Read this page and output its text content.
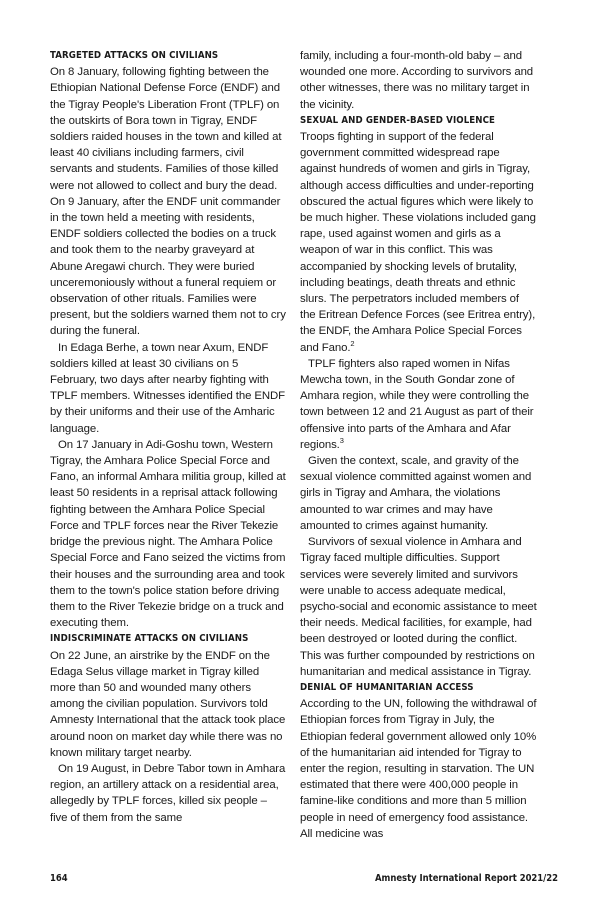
TARGETED ATTACKS ON CIVILIANS

On 8 January, following fighting between the Ethiopian National Defense Force (ENDF) and the Tigray People's Liberation Front (TPLF) on the outskirts of Bora town in Tigray, ENDF soldiers raided houses in the town and killed at least 40 civilians including farmers, civil servants and students. Families of those killed were not allowed to collect and bury the dead. On 9 January, after the ENDF unit commander in the town held a meeting with residents, ENDF soldiers collected the bodies on a truck and took them to the nearby graveyard at Abune Aregawi church. They were buried unceremoniously without a funeral requiem or observation of other rituals. Families were present, but the soldiers warned them not to cry during the funeral.

In Edaga Berhe, a town near Axum, ENDF soldiers killed at least 30 civilians on 5 February, two days after nearby fighting with TPLF members. Witnesses identified the ENDF by their uniforms and their use of the Amharic language.

On 17 January in Adi-Goshu town, Western Tigray, the Amhara Police Special Force and Fano, an informal Amhara militia group, killed at least 50 residents in a reprisal attack following fighting between the Amhara Police Special Force and TPLF forces near the River Tekezie bridge the previous night. The Amhara Police Special Force and Fano seized the victims from their houses and the surrounding area and took them to the town's police station before driving them to the River Tekezie bridge on a truck and executing them.

INDISCRIMINATE ATTACKS ON CIVILIANS

On 22 June, an airstrike by the ENDF on the Edaga Selus village market in Tigray killed more than 50 and wounded many others among the civilian population. Survivors told Amnesty International that the attack took place around noon on market day while there was no known military target nearby.

On 19 August, in Debre Tabor town in Amhara region, an artillery attack on a residential area, allegedly by TPLF forces, killed six people – five of them from the same

family, including a four-month-old baby – and wounded one more. According to survivors and other witnesses, there was no military target in the vicinity.

SEXUAL AND GENDER-BASED VIOLENCE

Troops fighting in support of the federal government committed widespread rape against hundreds of women and girls in Tigray, although access difficulties and under-reporting obscured the actual figures which were likely to be much higher. These violations included gang rape, used against women and girls as a weapon of war in this conflict. This was accompanied by shocking levels of brutality, including beatings, death threats and ethnic slurs. The perpetrators included members of the Eritrean Defence Forces (see Eritrea entry), the ENDF, the Amhara Police Special Forces and Fano.$^2$

TPLF fighters also raped women in Nifas Mewcha town, in the South Gondar zone of Amhara region, while they were controlling the town between 12 and 21 August as part of their offensive into parts of the Amhara and Afar regions.$^3$

Given the context, scale, and gravity of the sexual violence committed against women and girls in Tigray and Amhara, the violations amounted to war crimes and may have amounted to crimes against humanity.

Survivors of sexual violence in Amhara and Tigray faced multiple difficulties. Support services were severely limited and survivors were unable to access adequate medical, psycho-social and economic assistance to meet their needs. Medical facilities, for example, had been destroyed or looted during the conflict. This was further compounded by restrictions on humanitarian and medical assistance in Tigray.

DENIAL OF HUMANITARIAN ACCESS

According to the UN, following the withdrawal of Ethiopian forces from Tigray in July, the Ethiopian federal government allowed only 10% of the humanitarian aid intended for Tigray to enter the region, resulting in starvation. The UN estimated that there were 400,000 people in famine-like conditions and more than 5 million people in need of emergency food assistance. All medicine was

164	Amnesty International Report 2021/22
